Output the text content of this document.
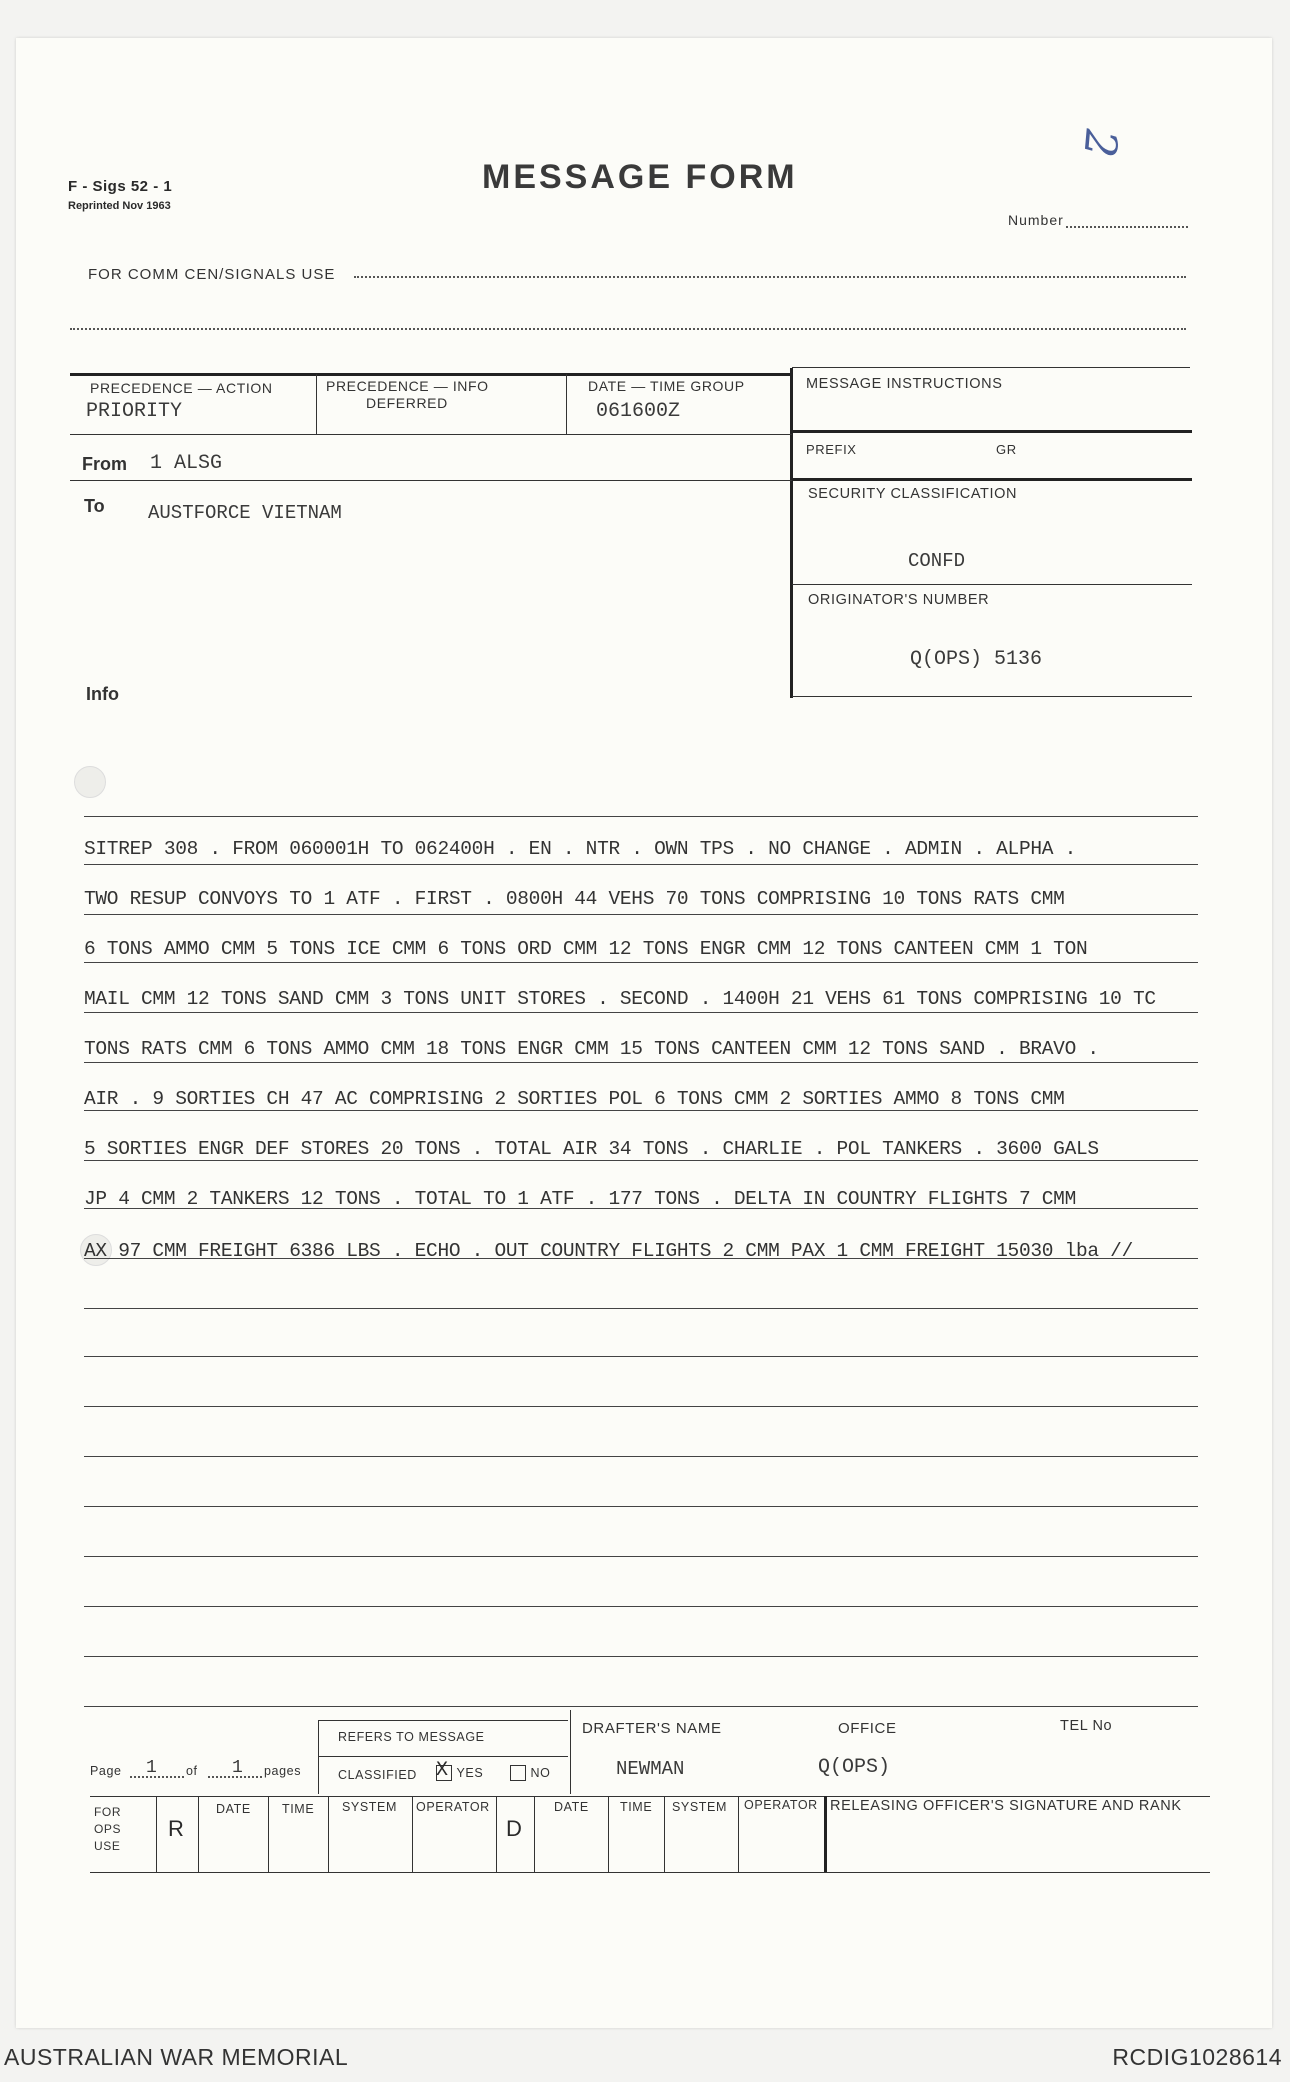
F - Sigs 52 - 1
Reprinted Nov 1963
MESSAGE FORM
2
Number
FOR COMM CEN/SIGNALS USE
PRECEDENCE — ACTION
PRIORITY
PRECEDENCE — INFO
DEFERRED
DATE — TIME GROUP
061600Z
MESSAGE INSTRUCTIONS
PREFIX	GR
SECURITY CLASSIFICATION
CONFD
ORIGINATOR'S NUMBER
Q(OPS) 5136
From 1 ALSG
To AUSTFORCE VIETNAM
Info
SITREP 308 . FROM 060001H TO 062400H . EN . NTR . OWN TPS . NO CHANGE . ADMIN . ALPHA .
TWO RESUP CONVOYS TO 1 ATF . FIRST . 0800H 44 VEHS 70 TONS COMPRISING 10 TONS RATS CMM
6 TONS AMMO CMM 5 TONS ICE CMM 6 TONS ORD CMM 12 TONS ENGR CMM 12 TONS CANTEEN CMM 1 TON
MAIL CMM 12 TONS SAND CMM 3 TONS UNIT STORES . SECOND . 1400H 21 VEHS 61 TONS COMPRISING 10 TC
TONS RATS CMM 6 TONS AMMO CMM 18 TONS ENGR CMM 15 TONS CANTEEN CMM 12 TONS SAND . BRAVO .
AIR . 9 SORTIES CH 47 AC COMPRISING 2 SORTIES POL 6 TONS CMM 2 SORTIES AMMO 8 TONS CMM
5 SORTIES ENGR DEF STORES 20 TONS . TOTAL AIR 34 TONS . CHARLIE . POL TANKERS . 3600 GALS
JP 4 CMM 2 TANKERS 12 TONS . TOTAL TO 1 ATF . 177 TONS . DELTA IN COUNTRY FLIGHTS 7 CMM
AX 97 CMM FREIGHT 6386 LBS . ECHO . OUT COUNTRY FLIGHTS 2 CMM PAX 1 CMM FREIGHT 15030 lba //
REFERS TO MESSAGE
CLASSIFIED X YES	NO
Page 1 of 1 pages
DRAFTER'S NAME
NEWMAN
OFFICE
Q(OPS)
TEL No
FOR
OPS
USE
R
DATE TIME SYSTEM OPERATOR
D
DATE TIME SYSTEM OPERATOR RELEASING OFFICER'S SIGNATURE AND RANK
AUSTRALIAN WAR MEMORIAL	RCDIG1028614
